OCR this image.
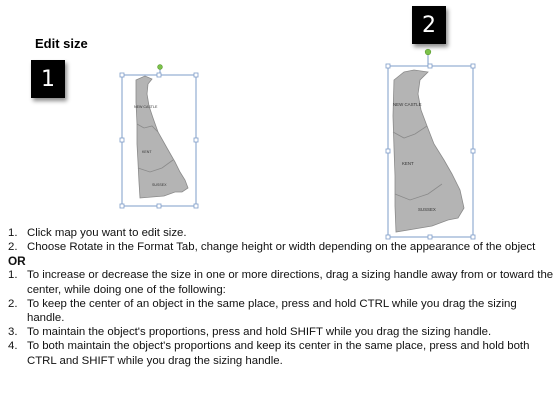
Edit size
1
2
NEW CASTLE
KENT
SUSSEX
NEW CASTLE
KENT
SUSSEX
1. Click map you want to edit size.
2. Choose Rotate in the Format Tab, change height or width depending on the appearance of the object
OR
1. To increase or decrease the size in one or more directions, drag a sizing handle away from or toward the center, while doing one of the following:
2. To keep the center of an object in the same place, press and hold CTRL while you drag the sizing handle.
3. To maintain the object's proportions, press and hold SHIFT while you drag the sizing handle.
4. To both maintain the object's proportions and keep its center in the same place, press and hold both CTRL and SHIFT while you drag the sizing handle.
